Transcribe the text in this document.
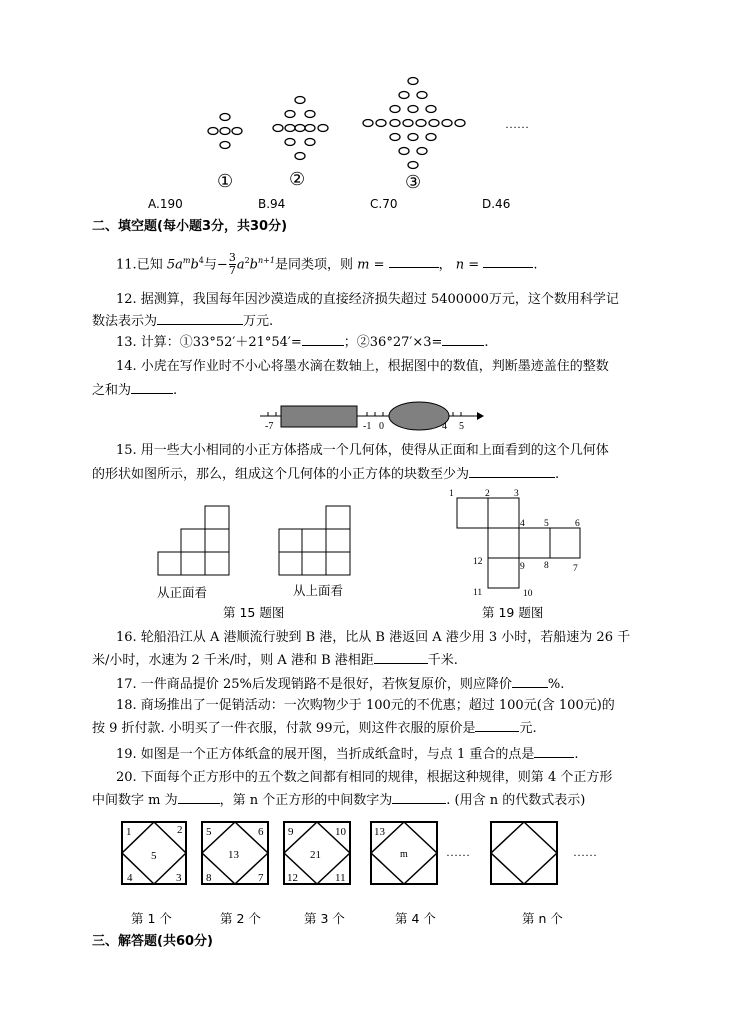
①	②	③
……
A.190	B.94	C.70	D.46
二、填空题(每小题3分，共30分)
11.已知 $5a^mb^4$与− $\frac{3}{7} a^2b^{n+1}$是同类项，则 m =	， n =	.
12. 据测算，我国每年因沙漠造成的直接经济损失超过 5400000万元，这个数用科学记
数法表示为	万元.
13. 计算：①33°52′＋21°54′=	；②36°27′×3=	.
14. 小虎在写作业时不小心将墨水滴在数轴上，根据图中的数值，判断墨迹盖住的整数
之和为	.
-7	-1 0	4 5
15. 用一些大小相同的小正方体搭成一个几何体，使得从正面和上面看到的这个几何体
的形状如图所示，那么，组成这个几何体的小正方体的块数至少为	.
从正面看	从上面看
第 15 题图
1	2	3
4 5	6
7
8
9
10
11
12
第 19 题图
16. 轮船沿江从 A 港顺流行驶到 B 港，比从 B 港返回 A 港少用 3 小时，若船速为 26 千
米/小时，水速为 2 千米/时，则 A 港和 B 港相距	千米.
17. 一件商品提价 25%后发现销路不是很好，若恢复原价，则应降价	%.
18. 商场推出了一促销活动：一次购物少于 100元的不优惠；超过 100元(含 100元)的
按 9 折付款. 小明买了一件衣服，付款 99元，则这件衣服的原价是	元.
19. 如图是一个正方体纸盒的展开图，当折成纸盒时，与点 1 重合的点是	.
20. 下面每个正方形中的五个数之间都有相同的规律，根据这种规律，则第 4 个正方形
中间数字 m 为	，第 n 个正方形的中间数字为	. (用含 n 的代数式表示)
1	2
5
4	3
5	6
13
8	7
9	10
21
12	11
13
m	……	……
第 1 个	第 2 个	第 3 个	第 4 个	第 n 个
三、解答题(共60分)
